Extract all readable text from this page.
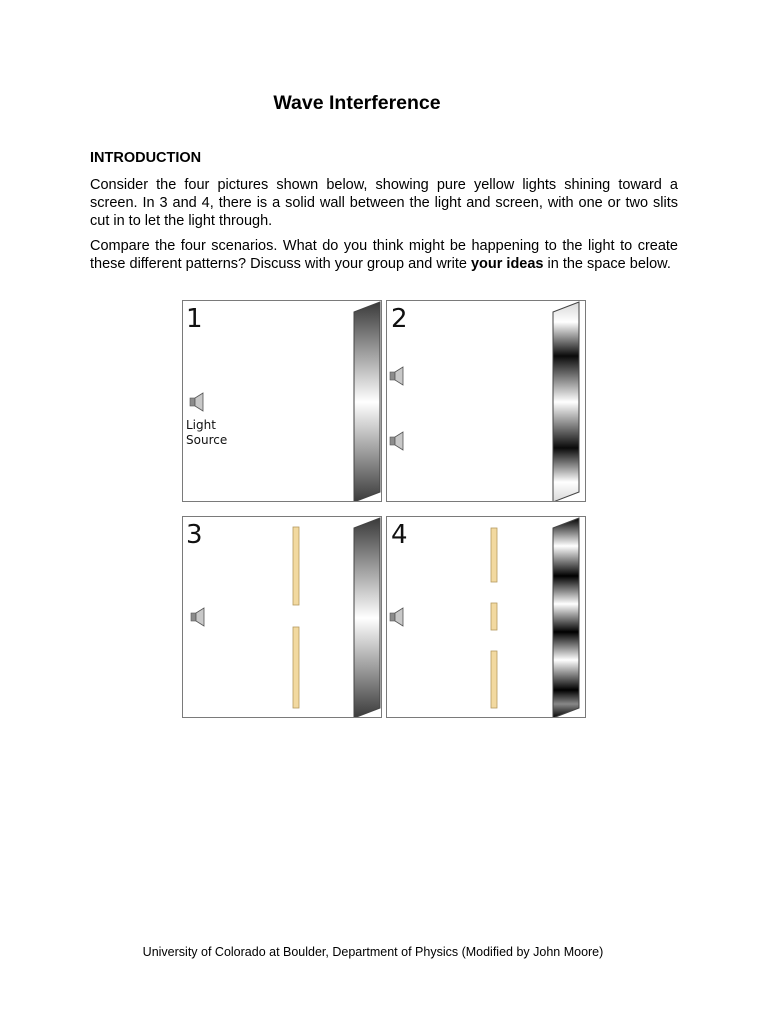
Wave Interference
INTRODUCTION
Consider the four pictures shown below, showing pure yellow lights shining toward a screen. In 3 and 4, there is a solid wall between the light and screen, with one or two slits cut in to let the light through.
Compare the four scenarios. What do you think might be happening to the light to create these different patterns? Discuss with your group and write your ideas in the space below.
1
Light
Source
2
3	4
University of Colorado at Boulder, Department of Physics (Modified by John Moore)
